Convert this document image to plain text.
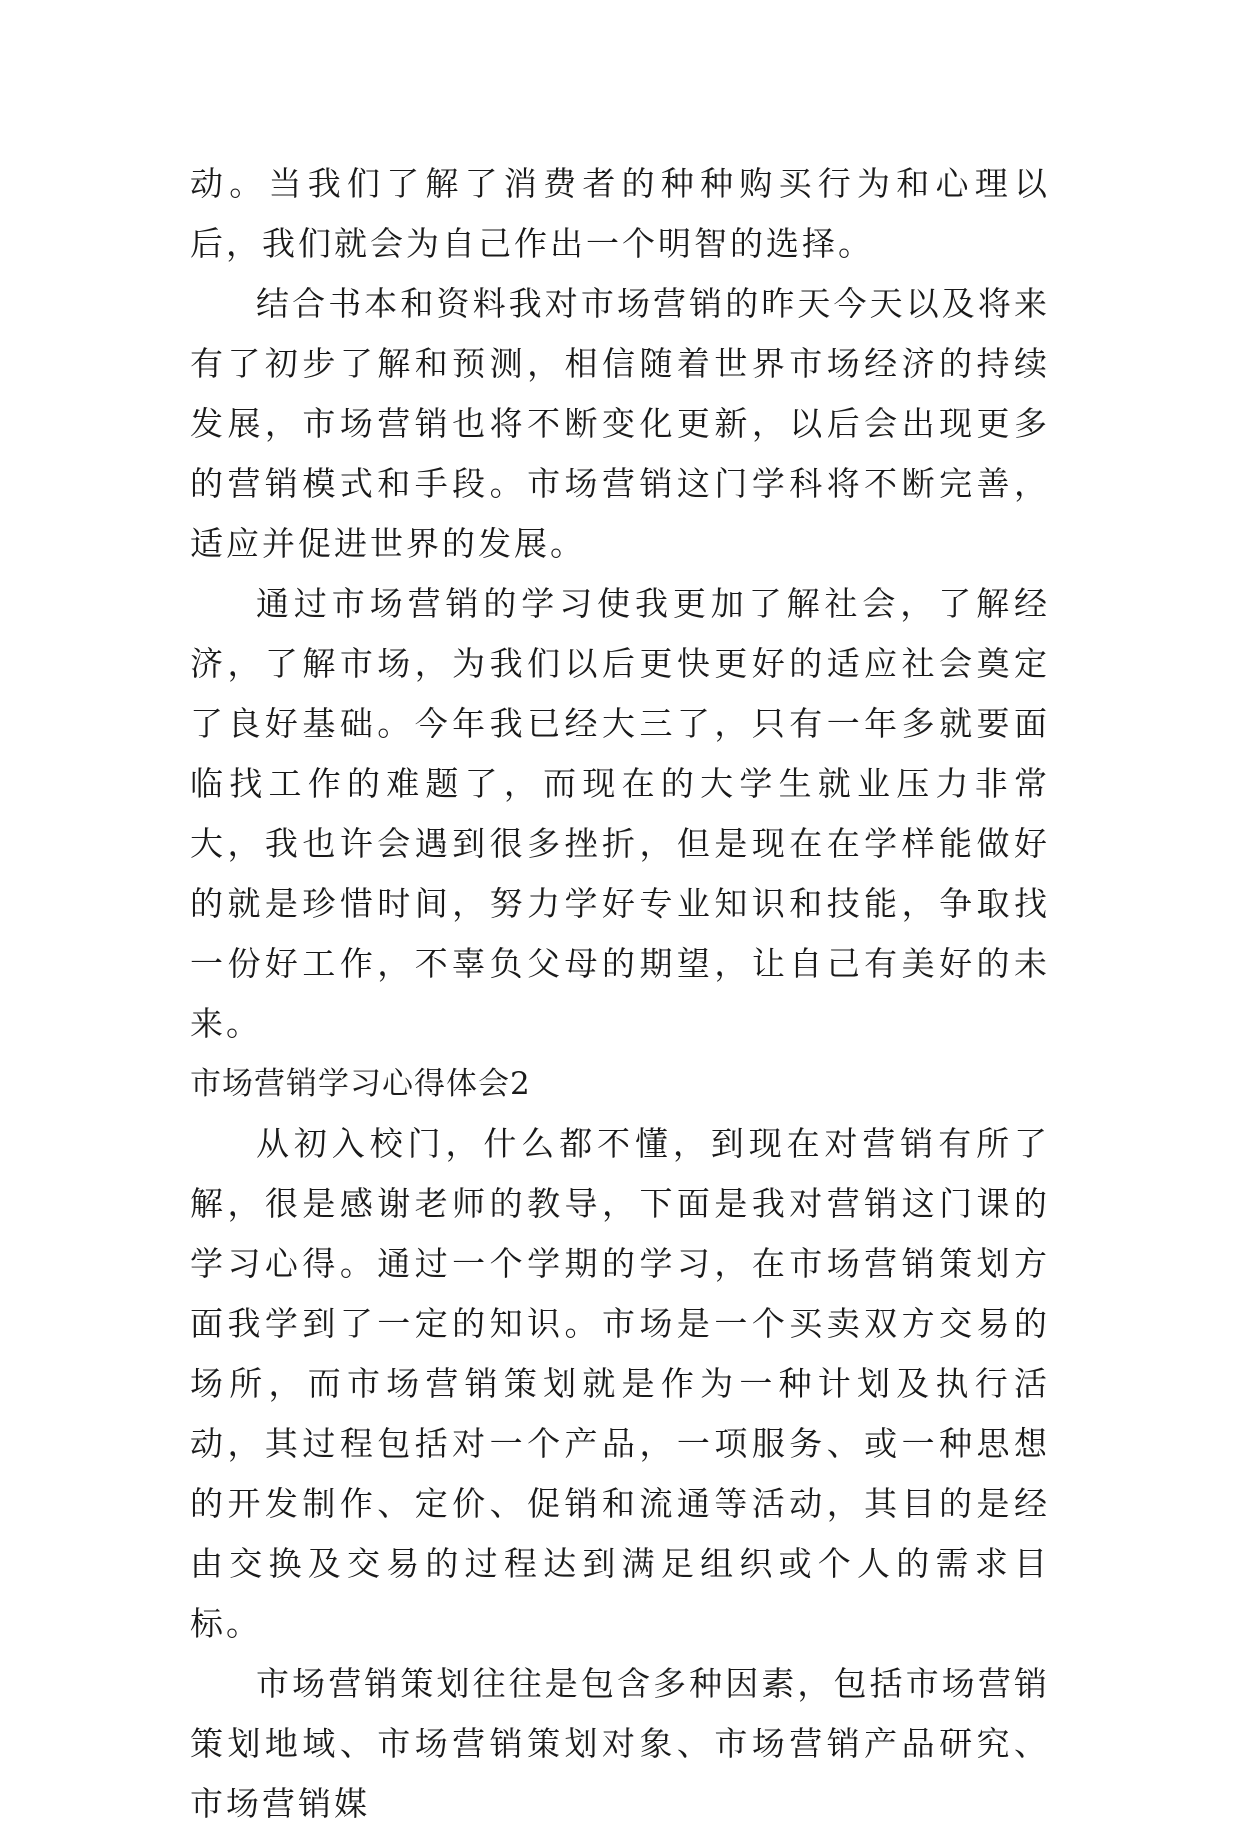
动。当我们了解了消费者的种种购买行为和心理以后，我们就会为自己作出一个明智的选择。

结合书本和资料我对市场营销的昨天今天以及将来有了初步了解和预测，相信随着世界市场经济的持续发展，市场营销也将不断变化更新，以后会出现更多的营销模式和手段。市场营销这门学科将不断完善，适应并促进世界的发展。

通过市场营销的学习使我更加了解社会，了解经济，了解市场，为我们以后更快更好的适应社会奠定了良好基础。今年我已经大三了，只有一年多就要面临找工作的难题了，而现在的大学生就业压力非常大，我也许会遇到很多挫折，但是现在在学样能做好的就是珍惜时间，努力学好专业知识和技能，争取找一份好工作，不辜负父母的期望，让自己有美好的未来。

市场营销学习心得体会2

从初入校门，什么都不懂，到现在对营销有所了解，很是感谢老师的教导，下面是我对营销这门课的学习心得。通过一个学期的学习，在市场营销策划方面我学到了一定的知识。市场是一个买卖双方交易的场所，而市场营销策划就是作为一种计划及执行活动，其过程包括对一个产品，一项服务、或一种思想的开发制作、定价、促销和流通等活动，其目的是经由交换及交易的过程达到满足组织或个人的需求目标。

市场营销策划往往是包含多种因素，包括市场营销策划地域、市场营销策划对象、市场营销产品研究、市场营销媒
